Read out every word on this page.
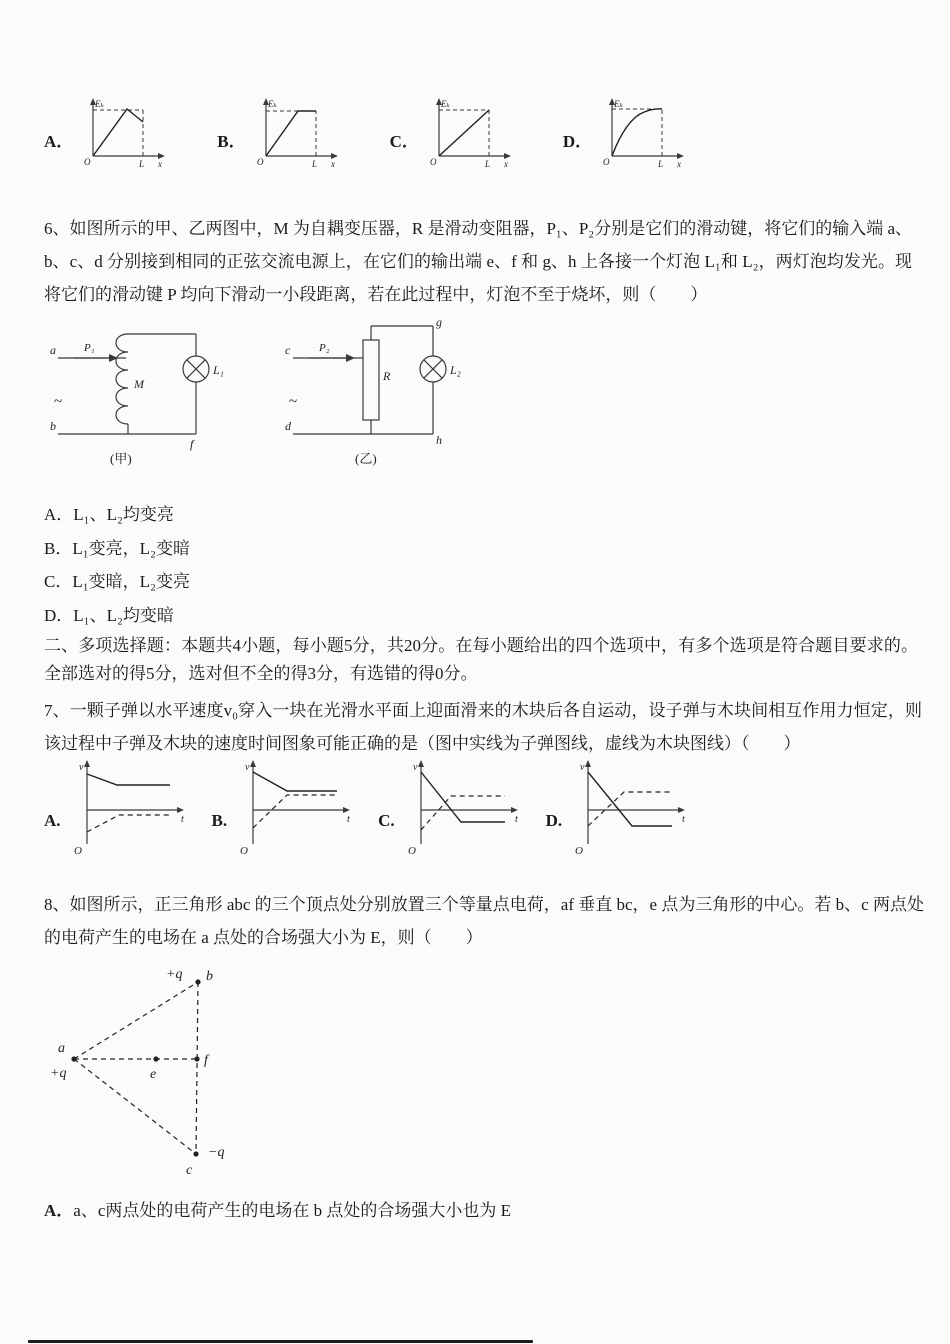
A．
Eₖ
x
O	L
B．
Eₖ
x
O	L
C．
Eₖ
x
O	L
D．
Eₖ
x
O	L
6、如图所示的甲、乙两图中，M 为自耦变压器，R 是滑动变阻器，P₁、P₂分别是它们的滑动键，将它们的输入端 a、b、c、d 分别接到相同的正弦交流电源上，在它们的输出端 e、f 和 g、h 上各接一个灯泡 L₁和 L₂，两灯泡均发光。现将它们的滑动键 P 均向下滑动一小段距离，若在此过程中，灯泡不至于烧坏，则（　　）
a
b
P₁
M
L₁
f
~
(甲)
c
d
P₂
R	L₂
g
h
~
(乙)
A．L₁、L₂均变亮
B．L₁变亮，L₂变暗
C．L₁变暗，L₂变亮
D．L₁、L₂均变暗
二、多项选择题：本题共4小题，每小题5分，共20分。在每小题给出的四个选项中，有多个选项是符合题目要求的。全部选对的得5分，选对但不全的得3分，有选错的得0分。
7、一颗子弹以水平速度v₀穿入一块在光滑水平面上迎面滑来的木块后各自运动，设子弹与木块间相互作用力恒定，则该过程中子弹及木块的速度时间图象可能正确的是（图中实线为子弹图线，虚线为木块图线）（　　）
A.
v
t
O
B.
v
t
O
C.
v
t
O
D.
v
t
O
8、如图所示，正三角形 abc 的三个顶点处分别放置三个等量点电荷，af 垂直 bc，e 点为三角形的中心。若 b、c 两点处的电荷产生的电场在 a 点处的合场强大小为 E，则（　　）
+q b
a
+q	e
f
−q
c
A．a、c两点处的电荷产生的电场在 b 点处的合场强大小也为 E
